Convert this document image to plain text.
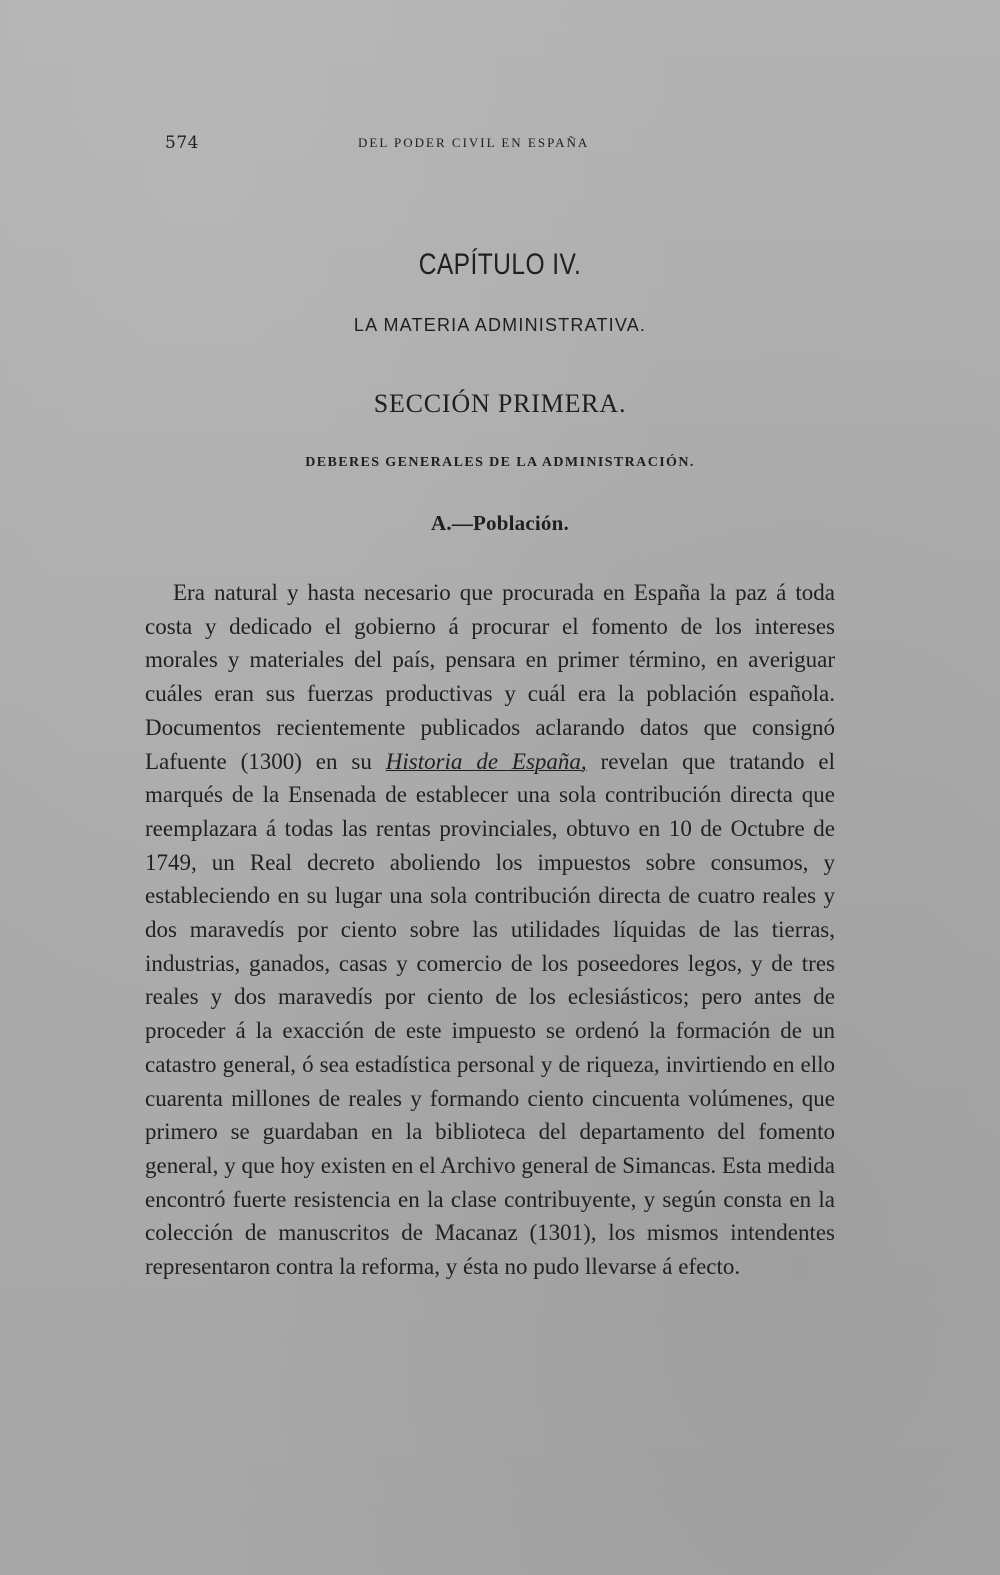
574	DEL PODER CIVIL EN ESPAÑA
CAPÍTULO IV.
LA MATERIA ADMINISTRATIVA.
SECCIÓN PRIMERA.
DEBERES GENERALES DE LA ADMINISTRACIÓN.
A.—Población.

Era natural y hasta necesario que procurada en España la paz á toda costa y dedicado el gobierno á procurar el fomento de los intereses morales y materiales del país, pensara en primer término, en averiguar cuáles eran sus fuerzas productivas y cuál era la población española. Documentos recientemente publicados aclarando datos que consignó Lafuente (1300) en su Historia de España, revelan que tratando el marqués de la Ensenada de establecer una sola contribución directa que reemplazara á todas las rentas provinciales, obtuvo en 10 de Octubre de 1749, un Real decreto aboliendo los impuestos sobre consumos, y estableciendo en su lugar una sola contribución directa de cuatro reales y dos maravedís por ciento sobre las utilidades líquidas de las tierras, industrias, ganados, casas y comercio de los poseedores legos, y de tres reales y dos maravedís por ciento de los eclesiásticos; pero antes de proceder á la exacción de este impuesto se ordenó la formación de un catastro general, ó sea estadística personal y de riqueza, invirtiendo en ello cuarenta millones de reales y formando ciento cincuenta volúmenes, que primero se guardaban en la biblioteca del departamento del fomento general, y que hoy existen en el Archivo general de Simancas. Esta medida encontró fuerte resistencia en la clase contribuyente, y según consta en la colección de manuscritos de Macanaz (1301), los mismos intendentes representaron contra la reforma, y ésta no pudo llevarse á efecto.
